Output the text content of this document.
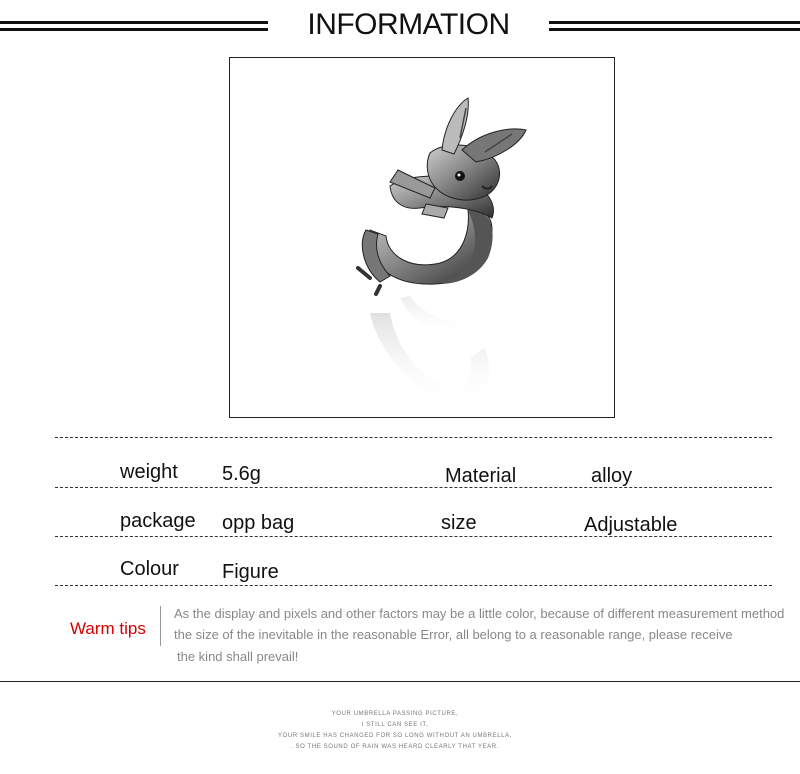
INFORMATION
weight 5.6g	Material	alloy
package opp bag	size	Adjustable
Colour Figure
Warm tips
As the display and pixels and other factors may be a little color, because of different measurement method
the size of the inevitable in the reasonable Error, all belong to a reasonable range, please receive
the kind shall prevail!
YOUR UMBRELLA PASSING PICTURE,
I STILL CAN SEE IT,
YOUR SMILE HAS CHANGED FOR SO LONG WITHOUT AN UMBRELLA,
. SO THE SOUND OF RAIN WAS HEARD CLEARLY THAT YEAR.
